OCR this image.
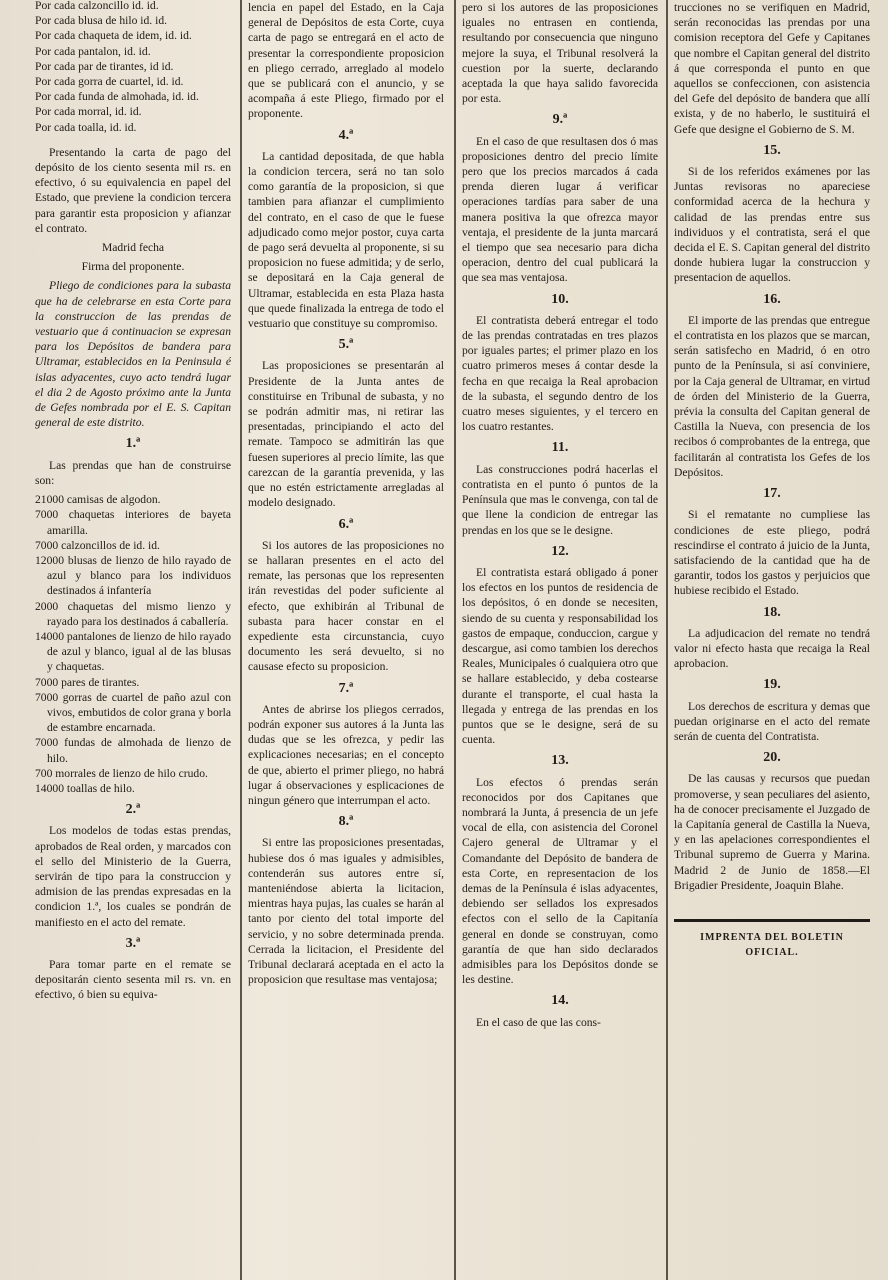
Por cada calzoncillo id. id.
Por cada blusa de hilo id. id.
Por cada chaqueta de idem, id. id.
Por cada pantalon, id. id.
Por cada par de tirantes, id id.
Por cada gorra de cuartel, id. id.
Por cada funda de almohada, id. id.
Por cada morral, id. id.
Por cada toalla, id. id.

Presentando la carta de pago del depósito de los ciento sesenta mil rs. en efectivo, ó su equivalencia en papel del Estado, que previene la condicion tercera para garantir esta proposicion y afianzar el contrato.

Madrid fecha

Firma del proponente.

Pliego de condiciones para la subasta que ha de celebrarse en esta Corte para la construccion de las prendas de vestuario que á continuacion se expresan para los Depósitos de bandera para Ultramar, establecidos en la Peninsula é islas adyacentes, cuyo acto tendrá lugar el dia 2 de Agosto próximo ante la Junta de Gefes nombrada por el E. S. Capitan general de este distrito.

1.ª

Las prendas que han de construirse son:

21000 camisas de algodon.
7000 chaquetas interiores de bayeta amarilla.
7000 calzoncillos de id. id.
12000 blusas de lienzo de hilo rayado de azul y blanco para los individuos destinados á infantería
2000 chaquetas del mismo lienzo y rayado para los destinados á caballería.
14000 pantalones de lienzo de hilo rayado de azul y blanco, igual al de las blusas y chaquetas.
7000 pares de tirantes.
7000 gorras de cuartel de paño azul con vivos, embutidos de color grana y borla de estambre encarnada.
7000 fundas de almohada de lienzo de hilo.
700 morrales de lienzo de hilo crudo.
14000 toallas de hilo.
2.ª

Los modelos de todas estas prendas, aprobados de Real orden, y marcados con el sello del Ministerio de la Guerra, servirán de tipo para la construccion y admision de las prendas expresadas en la condicion 1.ª, los cuales se pondrán de manifiesto en el acto del remate.

3.ª

Para tomar parte en el remate se depositarán ciento sesenta mil rs. vn. en efectivo, ó bien su equiva-

lencia en papel del Estado, en la Caja general de Depósitos de esta Corte, cuya carta de pago se entregará en el acto de presentar la correspondiente proposicion en pliego cerrado, arreglado al modelo que se publicará con el anuncio, y se acompaña á este Pliego, firmado por el proponente.

4.ª

La cantidad depositada, de que habla la condicion tercera, será no tan solo como garantía de la proposicion, si que tambien para afianzar el cumplimiento del contrato, en el caso de que le fuese adjudicado como mejor postor, cuya carta de pago será devuelta al proponente, si su proposicion no fuese admitida; y de serlo, se depositará en la Caja general de Ultramar, establecida en esta Plaza hasta que quede finalizada la entrega de todo el vestuario que constituye su compromiso.

5.ª

Las proposiciones se presentarán al Presidente de la Junta antes de constituirse en Tribunal de subasta, y no se podrán admitir mas, ni retirar las presentadas, principiando el acto del remate. Tampoco se admitirán las que fuesen superiores al precio límite, las que carezcan de la garantía prevenida, y las que no estén estrictamente arregladas al modelo designado.

6.ª

Si los autores de las proposiciones no se hallaran presentes en el acto del remate, las personas que los representen irán revestidas del poder suficiente al efecto, que exhibirán al Tribunal de subasta para hacer constar en el expediente esta circunstancia, cuyo documento les será devuelto, si no causase efecto su proposicion.

7.ª

Antes de abrirse los pliegos cerrados, podrán exponer sus autores á la Junta las dudas que se les ofrezca, y pedir las explicaciones necesarias; en el concepto de que, abierto el primer pliego, no habrá lugar á observaciones y esplicaciones de ningun género que interrumpan el acto.

8.ª

Si entre las proposiciones presentadas, hubiese dos ó mas iguales y admisibles, contenderán sus autores entre sí, manteniéndose abierta la licitacion, mientras haya pujas, las cuales se harán al tanto por ciento del total importe del servicio, y no sobre determinada prenda. Cerrada la licitacion, el Presidente del Tribunal declarará aceptada en el acto la proposicion que resultase mas ventajosa;

pero si los autores de las proposiciones iguales no entrasen en contienda, resultando por consecuencia que ninguno mejore la suya, el Tribunal resolverá la cuestion por la suerte, declarando aceptada la que haya salido favorecida por esta.

9.ª

En el caso de que resultasen dos ó mas proposiciones dentro del precio límite pero que los precios marcados á cada prenda dieren lugar á verificar operaciones tardías para saber de una manera positiva la que ofrezca mayor ventaja, el presidente de la junta marcará el tiempo que sea necesario para dicha operacion, dentro del cual publicará la que sea mas ventajosa.

10.

El contratista deberá entregar el todo de las prendas contratadas en tres plazos por iguales partes; el primer plazo en los cuatro primeros meses á contar desde la fecha en que recaiga la Real aprobacion de la subasta, el segundo dentro de los cuatro meses siguientes, y el tercero en los cuatro restantes.

11.

Las construcciones podrá hacerlas el contratista en el punto ó puntos de la Península que mas le convenga, con tal de que llene la condicion de entregar las prendas en los que se le designe.

12.

El contratista estará obligado á poner los efectos en los puntos de residencia de los depósitos, ó en donde se necesiten, siendo de su cuenta y responsabilidad los gastos de empaque, conduccion, cargue y descargue, asi como tambien los derechos Reales, Municipales ó cualquiera otro que se hallare establecido, y deba costearse durante el transporte, el cual hasta la llegada y entrega de las prendas en los puntos que se le designe, será de su cuenta.

13.

Los efectos ó prendas serán reconocidos por dos Capitanes que nombrará la Junta, á presencia de un jefe vocal de ella, con asistencia del Coronel Cajero general de Ultramar y el Comandante del Depósito de bandera de esta Corte, en representacion de los demas de la Península é islas adyacentes, debiendo ser sellados los expresados efectos con el sello de la Capitanía general en donde se construyan, como garantía de que han sido declarados admisibles para los Depósitos donde se les destine.

14.

En el caso de que las cons-

trucciones no se verifiquen en Madrid, serán reconocidas las prendas por una comision receptora del Gefe y Capitanes que nombre el Capitan general del distrito á que corresponda el punto en que aquellos se confeccionen, con asistencia del Gefe del depósito de bandera que allí exista, y de no haberlo, le sustituirá el Gefe que designe el Gobierno de S. M.

15.

Si de los referidos exámenes por las Juntas revisoras no apareciese conformidad acerca de la hechura y calidad de las prendas entre sus individuos y el contratista, será el que decida el E. S. Capitan general del distrito donde hubiera lugar la construccion y presentacion de aquellos.

16.

El importe de las prendas que entregue el contratista en los plazos que se marcan, serán satisfecho en Madrid, ó en otro punto de la Península, si así conviniere, por la Caja general de Ultramar, en virtud de órden del Ministerio de la Guerra, prévia la consulta del Capitan general de Castilla la Nueva, con presencia de los recibos ó comprobantes de la entrega, que facilitarán al contratista los Gefes de los Depósitos.

17.

Si el rematante no cumpliese las condiciones de este pliego, podrá rescindirse el contrato á juicio de la Junta, satisfaciendo de la cantidad que ha de garantir, todos los gastos y perjuicios que hubiese recibido el Estado.

18.

La adjudicacion del remate no tendrá valor ni efecto hasta que recaiga la Real aprobacion.

19.

Los derechos de escritura y demas que puedan originarse en el acto del remate serán de cuenta del Contratista.

20.

De las causas y recursos que puedan promoverse, y sean peculiares del asiento, ha de conocer precisamente el Juzgado de la Capitanía general de Castilla la Nueva, y en las apelaciones correspondientes el Tribunal supremo de Guerra y Marina. Madrid 2 de Junio de 1858.—El Brigadier Presidente, Joaquin Blahe.

IMPRENTA DEL BOLETIN OFICIAL.
